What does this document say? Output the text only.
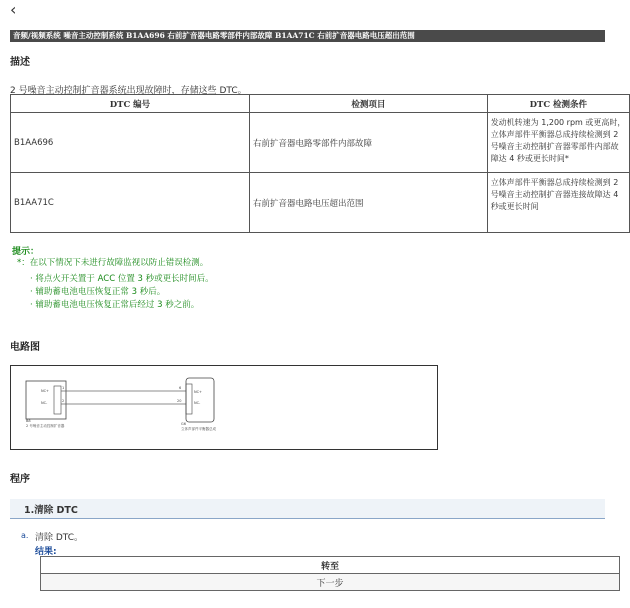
‹
音频/视频系统 噪音主动控制系统 B1AA696 右前扩音器电路零部件内部故障 B1AA71C 右前扩音器电路电压超出范围
描述
2 号噪音主动控制扩音器系统出现故障时，存储这些 DTC。
DTC 编号	检测项目	DTC 检测条件
B1AA696	右前扩音器电路零部件内部故障	发动机转速为 1,200 rpm 或更高时，立体声部件平衡器总成持续检测到 2 号噪音主动控制扩音器零部件内部故障达 4 秒或更长时间*
B1AA71C	右前扩音器电路电压超出范围	立体声部件平衡器总成持续检测到 2 号噪音主动控制扩音器连接故障达 4 秒或更长时间
提示：
*：在以下情况下未进行故障监视以防止错误检测。
· 将点火开关置于 ACC 位置 3 秒或更长时间后。
· 辅助蓄电池电压恢复正常 3 秒后。
· 辅助蓄电池电压恢复正常后经过 3 秒之前。
电路图
NC+
NC-
1
2
6
20
NC+
NC-
B8
2 号噪音主动控制扩音器	G6
立体声部件平衡器总成
程序
1.清除 DTC
a. 清除 DTC。
结果:
转至
下一步
